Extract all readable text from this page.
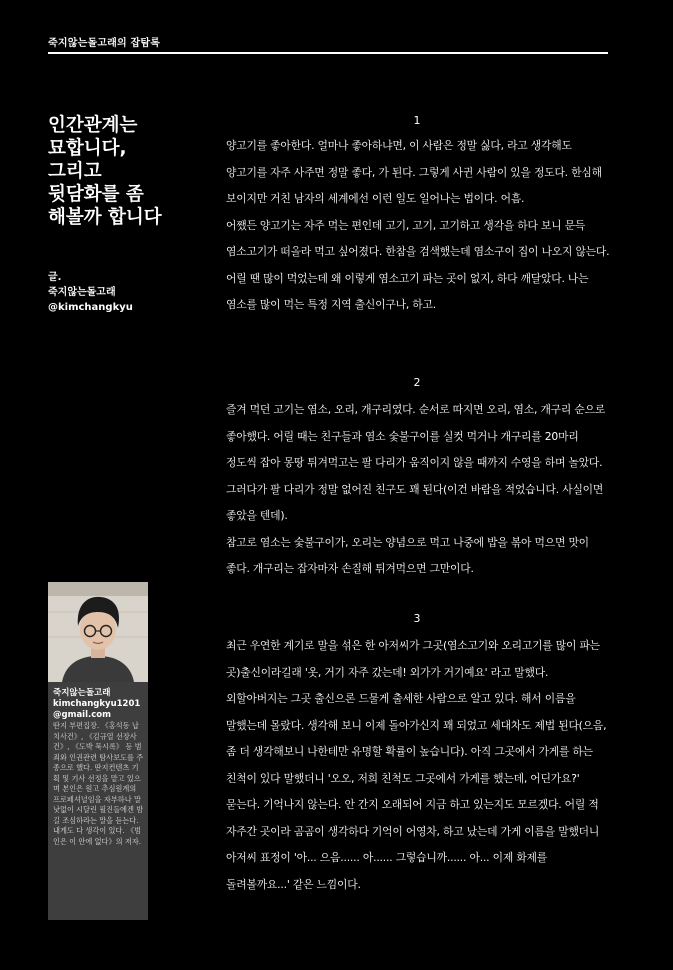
죽지않는돌고래의 잡탐록
인간관계는
묘합니다,
그리고
뒷담화를 좀
해볼까 합니다
글.
죽지않는돌고래
@kimchangkyu
죽지않는돌고래
kimchangkyu1201
@gmail.com
딴지 부편집장. 《홍석동 납치사건》, 《김규열 선장사건》, 《도박 묵시록》 등 범죄와 인권관련 탐사보도를 주종으로 했다. 딴지컨텐츠 기획 및 기사 선정을 맡고 있으며 본인은 원고 추심원계의 프로페셔널임을 자부하나 말낫없이 시달린 필진들에겐 밤길 조심하라는 말을 듣는다. 내게도 다 생각이 있다. 《범인은 이 안에 없다》의 저자.
1

양고기를 좋아한다. 얼마나 좋아하냐면, 이 사람은 정말 싫다, 라고 생각해도 양고기를 자주 사주면 정말 좋다, 가 된다. 그렇게 사귄 사람이 있을 정도다. 한심해 보이지만 거친 남자의 세계에선 이런 일도 일어나는 법이다. 어흠.

어쨌든 양고기는 자주 먹는 편인데 고기, 고기, 고기하고 생각을 하다 보니 문득 염소고기가 떠올라 먹고 싶어졌다. 한참을 검색했는데 염소구이 집이 나오지 않는다. 어릴 땐 많이 먹었는데 왜 이렇게 염소고기 파는 곳이 없지, 하다 깨달았다. 나는 염소를 많이 먹는 특정 지역 출신이구나, 하고.

2

즐겨 먹던 고기는 염소, 오리, 개구리였다. 순서로 따지면 오리, 염소, 개구리 순으로 좋아했다. 어릴 때는 친구들과 염소 숯불구이를 실컷 먹거나 개구리를 20마리 정도씩 잡아 몽땅 튀겨먹고는 팔 다리가 움직이지 않을 때까지 수영을 하며 놀았다. 그러다가 팔 다리가 정말 없어진 친구도 꽤 된다(이건 바람을 적었습니다. 사실이면 좋았을 텐데).

참고로 염소는 숯불구이가, 오리는 양념으로 먹고 나중에 밥을 볶아 먹으면 맛이 좋다. 개구리는 잡자마자 손질해 튀겨먹으면 그만이다.

3

최근 우연한 계기로 말을 섞은 한 아저씨가 그곳(염소고기와 오리고기를 많이 파는 곳)출신이라길래 '옷, 거기 자주 갔는데! 외가가 거기예요' 라고 말했다. 외할아버지는 그곳 출신으론 드물게 출세한 사람으로 알고 있다. 해서 이름을 말했는데 몰랐다. 생각해 보니 이제 돌아가신지 꽤 되었고 세대차도 제법 된다(으음, 좀 더 생각해보니 나한테만 유명할 확률이 높습니다). 아직 그곳에서 가게를 하는 친척이 있다 말했더니 '오오, 저희 친척도 그곳에서 가게를 했는데, 어딘가요?' 묻는다. 기억나지 않는다. 안 간지 오래되어 지금 하고 있는지도 모르겠다. 어릴 적 자주간 곳이라 곰곰이 생각하다 기억이 어영차, 하고 났는데 가게 이름을 말했더니 아저씨 표정이 '아... 으음...... 아...... 그렇습니까...... 아... 이제 화제를 돌려볼까요...' 같은 느낌이다.
